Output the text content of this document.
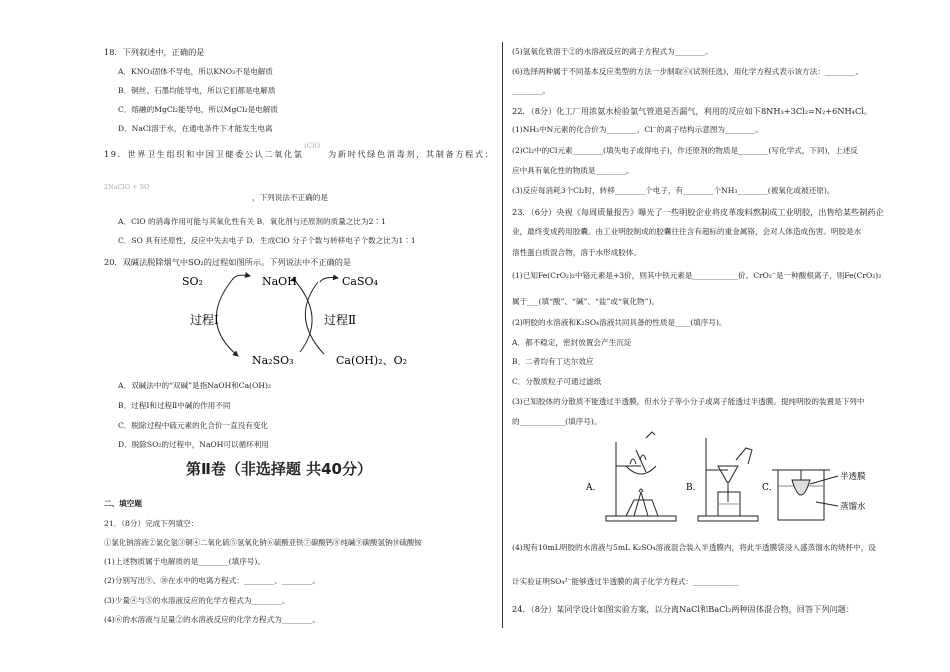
18．下列叙述中，正确的是
A．KNO₃固体不导电，所以KNO₃不是电解质
B．铜丝、石墨均能导电，所以它们都是电解质
C．熔融的MgCl₂能导电，所以MgCl₂是电解质
D．NaCl溶于水，在通电条件下才能发生电离
19．世界卫生组织和中国卫健委公认二氧化氯
(ClO
为新时代绿色消毒剂，其制备方程式：
2NaClO + SO
，下列说法不正确的是
A．ClO 的消毒作用可能与其氧化性有关 B．氧化剂与还原剂的质量之比为2∶1
C．SO 具有还原性，反应中失去电子 D．生成ClO 分子个数与转移电子个数之比为1∶1
20．双碱法脱除烟气中SO₂的过程如图所示。下列说法中不正确的是
SO₂	NaOH	CaSO₄
过程Ⅰ	过程Ⅱ
Na₂SO₃	Ca(OH)₂、O₂
A．双碱法中的“双碱”是指NaOH和Ca(OH)₂
B．过程Ⅰ和过程Ⅱ中碱的作用不同
C．脱除过程中硫元素的化合价一直没有变化
D．脱除SO₂的过程中，NaOH可以循环利用
二、填空题
21．（8分）完成下列填空：
①氯化钠溶液②氯化氢③铜④二氧化硫⑤氢氧化钠⑥硫酸亚铁⑦碳酸钙⑧纯碱⑨碳酸氢钠⑩硫酸铵
(1)上述物质属于电解质的是________(填序号)。
(2)分别写出⑨、⑩在水中的电离方程式：________、________。
(3)少量④与⑤的水溶液反应的化学方程式为________。
(4)⑥的水溶液与足量②的水溶液反应的化学方程式为________。
第Ⅱ卷（非选择题 共40分）
(5)氢氧化铁溶于②的水溶液反应的离子方程式为________。
(6)选择两种属于不同基本反应类型的方法一步制取⑥(试剂任选)，用化学方程式表示该方法：________、
________。
22．（8分）化工厂用浓氨水检验氯气管道是否漏气，利用的反应如下8NH₃+3Cl₂=N₂+6NH₄Cl。
(1)NH₃中N元素的化合价为________，Cl⁻的离子结构示意图为________。
(2)Cl₂中的Cl元素________(填失电子或得电子)，作还原剂的物质是________(写化学式，下同)，上述反
应中具有氧化性的物质是________。
(3)反应每消耗3个Cl₂时，转移________个电子，有________个NH₃________(被氧化或被还原)。
23．（6分）央视《每周质量报告》曝光了一些明胶企业将皮革废料熬制成工业明胶，出售给某些制药企
业，最终变成药用胶囊。由工业明胶制成的胶囊往往含有超标的重金属铬，会对人体造成伤害。明胶是水
溶性蛋白质混合物，溶于水形成胶体。
(1)已知Fe(CrO₂)₂中铬元素是+3价，则其中铁元素是____________价。CrO₂⁻是一种酸根离子，则Fe(CrO₂)₂
属于___(填“酸”、“碱”、“盐”或“氧化物”)。
(2)明胶的水溶液和K₂SO₄溶液共同具备的性质是____(填序号)。
A．都不稳定，密封放置会产生沉淀
B．二者均有丁达尔效应
C．分散质粒子可通过滤纸
(3)已知胶体的分散质不能透过半透膜，但水分子等小分子或离子能透过半透膜。提纯明胶的装置是下列中
的____________(填序号)。
A．	B．	C．
半透膜
蒸馏水
(4)现有10mL明胶的水溶液与5mL K₂SO₄溶液混合装入半透膜内，将此半透膜袋浸入盛蒸馏水的烧杯中，设
计实验证明SO₄²⁻能够透过半透膜的离子化学方程式：____________
24．（8分）某同学设计如图实验方案，以分离NaCl和BaCl₂两种固体混合物，回答下列问题：
